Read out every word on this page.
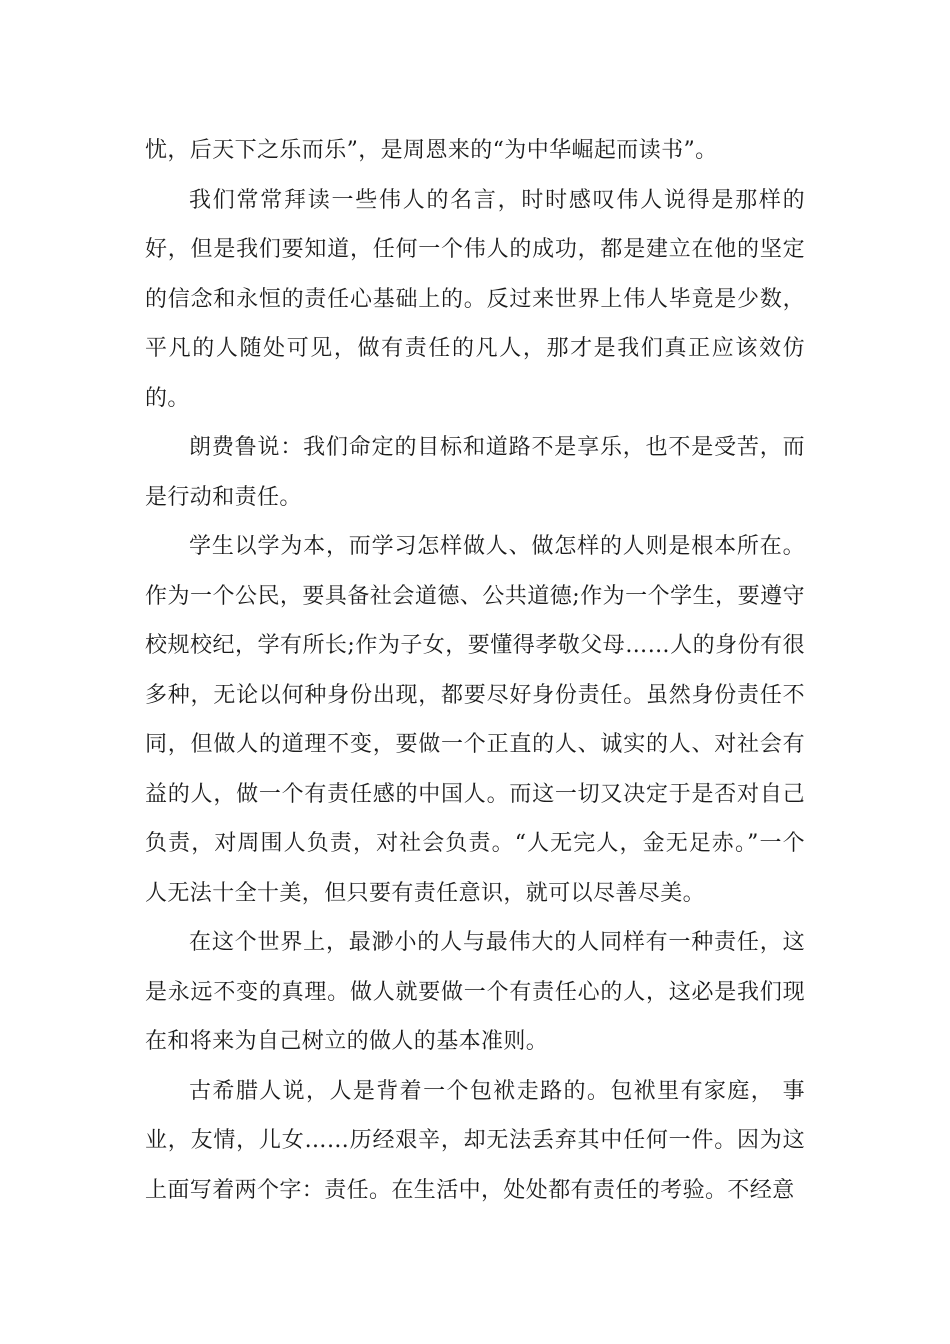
忧，后天下之乐而乐”，是周恩来的“为中华崛起而读书”。

我们常常拜读一些伟人的名言，时时感叹伟人说得是那样的好，但是我们要知道，任何一个伟人的成功，都是建立在他的坚定的信念和永恒的责任心基础上的。反过来世界上伟人毕竟是少数，平凡的人随处可见，做有责任的凡人，那才是我们真正应该效仿的。

朗费鲁说：我们命定的目标和道路不是享乐，也不是受苦，而是行动和责任。

学生以学为本，而学习怎样做人、做怎样的人则是根本所在。作为一个公民，要具备社会道德、公共道德;作为一个学生，要遵守校规校纪，学有所长;作为子女，要懂得孝敬父母……人的身份有很多种，无论以何种身份出现，都要尽好身份责任。虽然身份责任不同，但做人的道理不变，要做一个正直的人、诚实的人、对社会有益的人，做一个有责任感的中国人。而这一切又决定于是否对自己负责，对周围人负责，对社会负责。“人无完人，金无足赤。”一个人无法十全十美，但只要有责任意识，就可以尽善尽美。

在这个世界上，最渺小的人与最伟大的人同样有一种责任，这是永远不变的真理。做人就要做一个有责任心的人，这必是我们现在和将来为自己树立的做人的基本准则。

古希腊人说，人是背着一个包袱走路的。包袱里有家庭， 事业，友情，儿女……历经艰辛，却无法丢弃其中任何一件。因为这上面写着两个字：责任。在生活中，处处都有责任的考验。不经意
